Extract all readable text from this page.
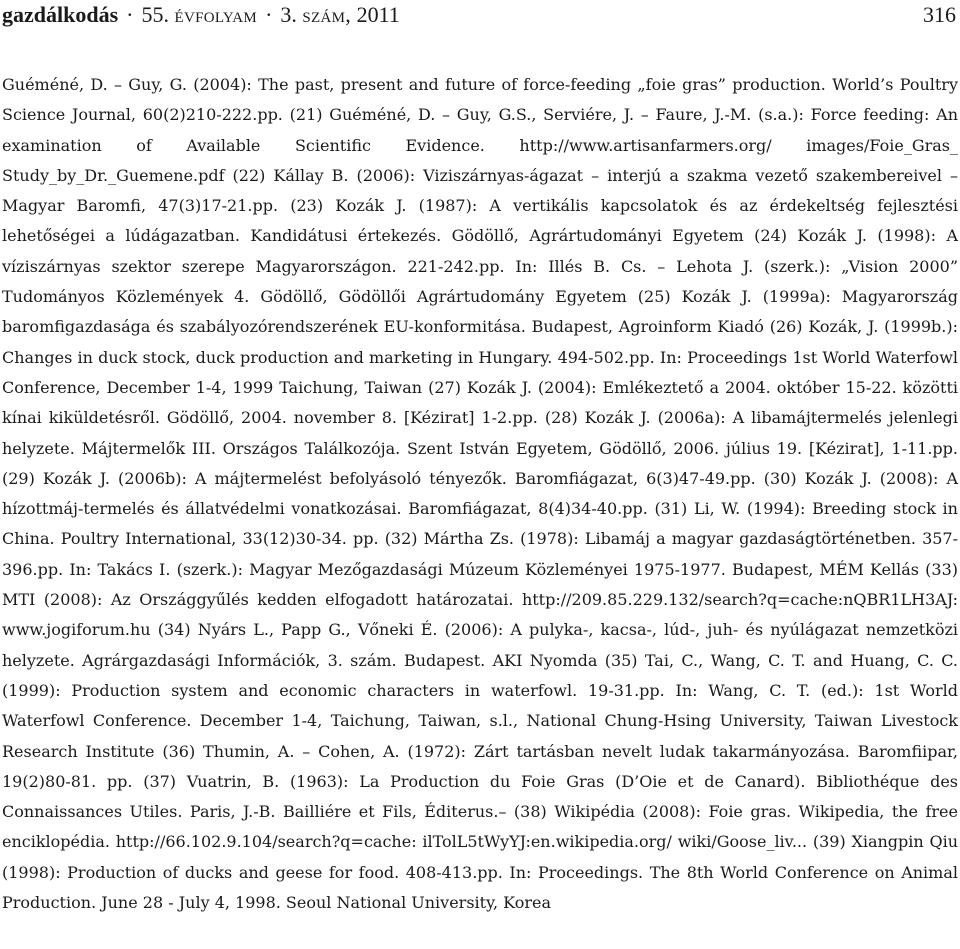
gazdálkodás · 55.
évfolyam · 3.
szám,
2011	316

Guéméné, D. – Guy, G. (2004): The past, present and future of force-feeding „foie gras” production. World’s Poultry Science Journal, 60(2)210-222.pp. (21) Guéméné, D. – Guy, G.S., Serviére, J. – Faure, J.-M. (s.a.): Force feeding: An examination of Available Scientific Evidence. http://www.artisanfarmers.org/ images/Foie_Gras_ Study_by_Dr._Guemene.pdf (22) Kállay B. (2006): Viziszárnyas-ágazat – interjú a szakma vezető szakembereivel – Magyar Baromfi, 47(3)17-21.pp. (23) Kozák J. (1987): A vertikális kapcsolatok és az érdekeltség fejlesztési lehetőségei a lúdágazatban. Kandidátusi értekezés. Gödöllő, Agrártudományi Egyetem (24) Kozák J. (1998): A víziszárnyas szektor szerepe Magyarországon. 221-242.pp. In: Illés B. Cs. – Lehota J. (szerk.): „Vision 2000” Tudományos Közlemények 4. Gödöllő, Gödöllői Agrártudomány Egyetem (25) Kozák J. (1999a): Magyarország baromfigazdasága és szabályozórendszerének EU-konformitása. Budapest, Agroinform Kiadó (26) Kozák, J. (1999b.): Changes in duck stock, duck production and marketing in Hungary. 494-502.pp. In: Proceedings 1st World Waterfowl Conference, December 1-4, 1999 Taichung, Taiwan (27) Kozák J. (2004): Emlékeztető a 2004. október 15-22. közötti kínai kiküldetésről. Gödöllő, 2004. november 8. [Kézirat] 1-2.pp. (28) Kozák J. (2006a): A libamájtermelés jelenlegi helyzete. Májtermelők III. Országos Találkozója. Szent István Egyetem, Gödöllő, 2006. július 19. [Kézirat], 1-11.pp. (29) Kozák J. (2006b): A májtermelést befolyásoló tényezők. Baromfiágazat, 6(3)47-49.pp. (30) Kozák J. (2008): A hízottmáj-termelés és állatvédelmi vonatkozásai. Baromfiágazat, 8(4)34-40.pp. (31) Li, W. (1994): Breeding stock in China. Poultry International, 33(12)30-34. pp. (32) Mártha Zs. (1978): Libamáj a magyar gazdaságtörténetben. 357-396.pp. In: Takács I. (szerk.): Magyar Mezőgazdasági Múzeum Közleményei 1975-1977. Budapest, MÉM Kellás (33) MTI (2008): Az Országgyűlés kedden elfogadott határozatai. http://209.85.229.132/search?q=cache:nQBR1LH3AJ: www.jogiforum.hu (34) Nyárs L., Papp G., Vőneki É. (2006): A pulyka-, kacsa-, lúd-, juh- és nyúlágazat nemzetközi helyzete. Agrárgazdasági Információk, 3. szám. Budapest. AKI Nyomda (35) Tai, C., Wang, C. T. and Huang, C. C. (1999): Production system and economic characters in waterfowl. 19-31.pp. In: Wang, C. T. (ed.): 1st World Waterfowl Conference. December 1-4, Taichung, Taiwan, s.l., National Chung-Hsing University, Taiwan Livestock Research Institute (36) Thumin, A. – Cohen, A. (1972): Zárt tartásban nevelt ludak takarmányozása. Baromfiipar, 19(2)80-81. pp. (37) Vuatrin, B. (1963): La Production du Foie Gras (D’Oie et de Canard). Bibliothéque des Connaissances Utiles. Paris, J.-B. Bailliére et Fils, Éditerus.– (38) Wikipédia (2008): Foie gras. Wikipedia, the free enciklopédia. http://66.102.9.104/search?q=cache: ilTolL5tWyYJ:en.wikipedia.org/ wiki/Goose_liv... (39) Xiangpin Qiu (1998): Production of ducks and geese for food. 408-413.pp. In: Proceedings. The 8th World Conference on Animal Production. June 28 - July 4, 1998. Seoul National University, Korea
